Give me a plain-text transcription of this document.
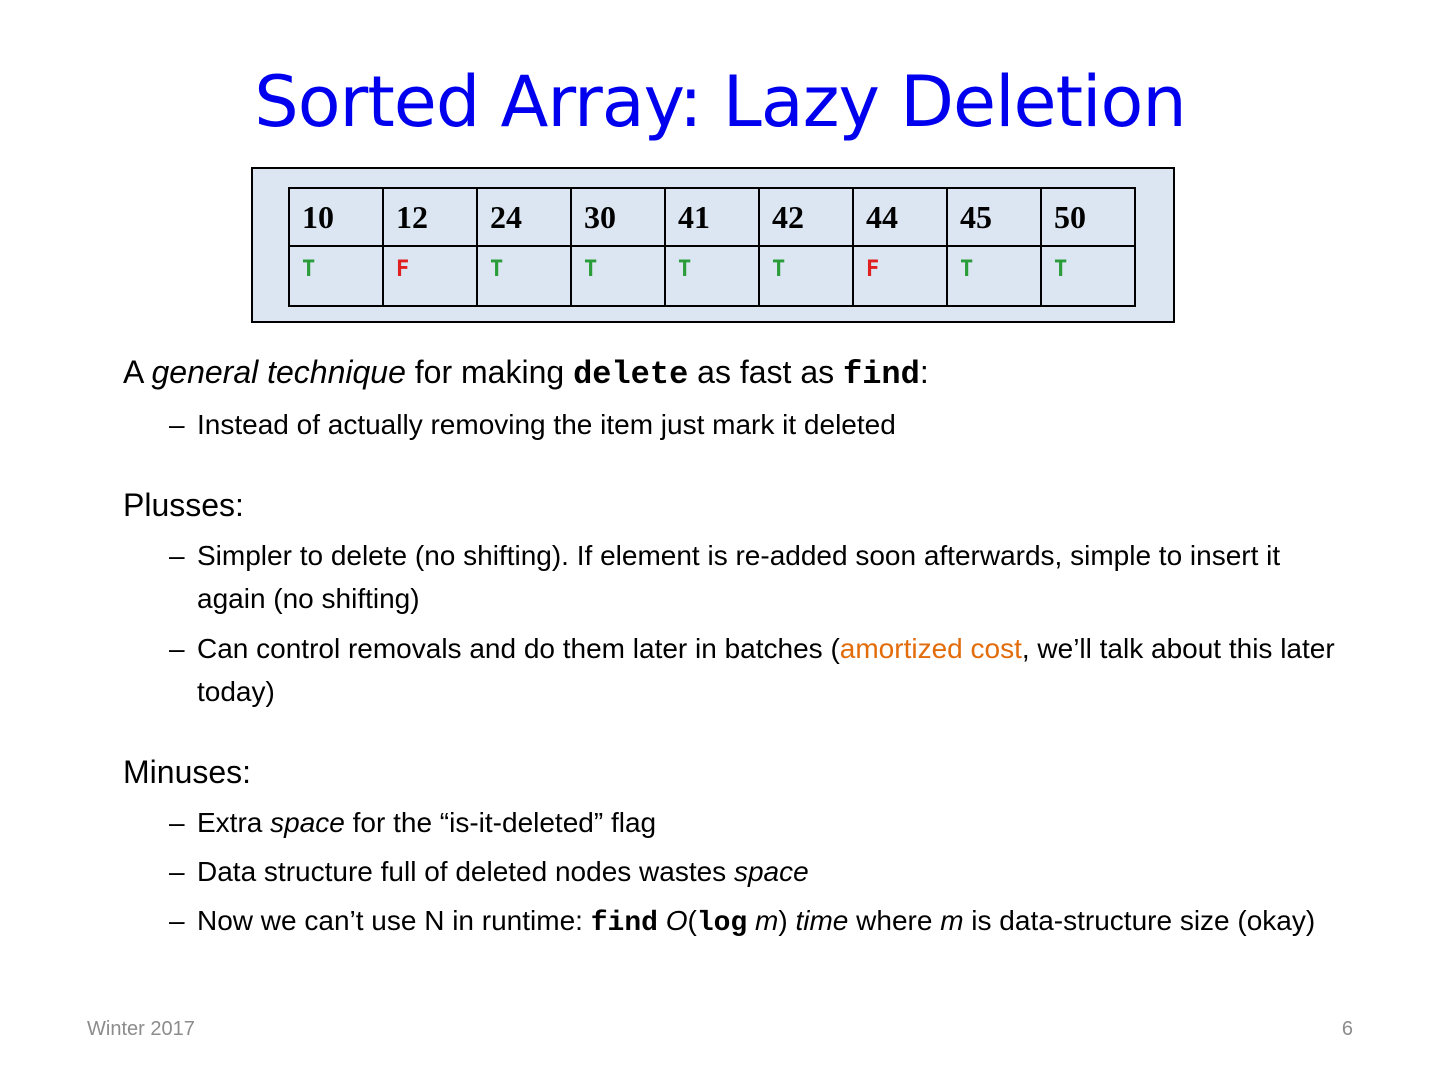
Sorted Array: Lazy Deletion
10	12	24	30	41	42	44	45	50
T	F	T	T	T	T	F	T	T
A general technique for making delete as fast as find:
– Instead of actually removing the item just mark it deleted
Plusses:
– Simpler to delete (no shifting). If element is re-added soon afterwards, simple to insert it again (no shifting)
– Can control removals and do them later in batches (amortized cost, we’ll talk about this later today)
Minuses:
– Extra space for the “is-it-deleted” flag
– Data structure full of deleted nodes wastes space
– Now we can’t use N in runtime: find O(log m) time where m is data-structure size (okay)
Winter 2017	6
